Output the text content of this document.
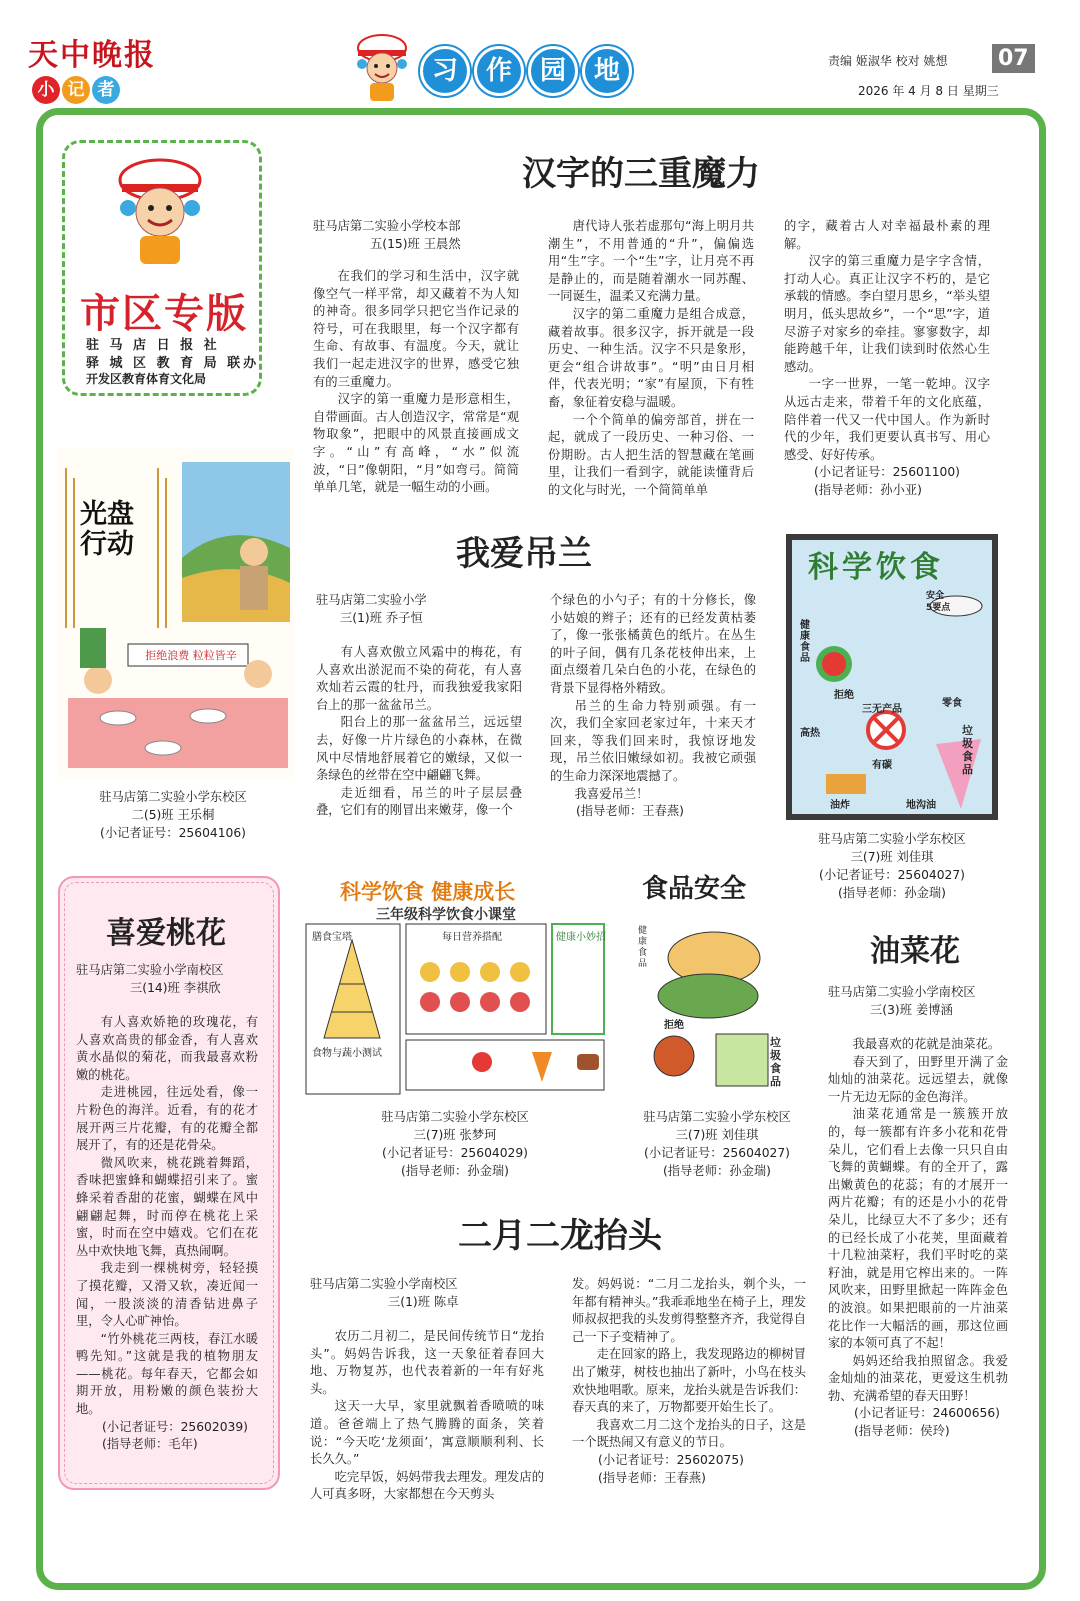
天中晚报
小 记 者
习	作	园	地	责编 姬淑华 校对 姚想
2026 年 4 月 8 日 星期三
07
市区专版
驻 马 店 日 报 社
驿 城 区 教 育 局 联办
开发区教育体育文化局
汉字的三重魔力
驻马店第二实验小学校本部
五(15)班 王晨然

在我们的学习和生活中，汉字就像空气一样平常，却又藏着不为人知的神奇。很多同学只把它当作记录的符号，可在我眼里，每一个汉字都有生命、有故事、有温度。今天，就让我们一起走进汉字的世界，感受它独有的三重魔力。

汉字的第一重魔力是形意相生，自带画面。古人创造汉字，常常是“观物取象”，把眼中的风景直接画成文字。“山”有高峰，“水”似流波，“日”像朝阳，“月”如弯弓。简简单单几笔，就是一幅生动的小画。

唐代诗人张若虚那句“海上明月共潮生”，不用普通的“升”，偏偏选用“生”字。一个“生”字，让月亮不再是静止的，而是随着潮水一同苏醒、一同诞生，温柔又充满力量。

汉字的第二重魔力是组合成意，藏着故事。很多汉字，拆开就是一段历史、一种生活。汉字不只是象形，更会“组合讲故事”。“明”由日月相伴，代表光明；“家”有屋顶，下有牲畜，象征着安稳与温暖。

一个个简单的偏旁部首，拼在一起，就成了一段历史、一种习俗、一份期盼。古人把生活的智慧藏在笔画里，让我们一看到字，就能读懂背后的文化与时光，一个简简单单

的字，藏着古人对幸福最朴素的理解。

汉字的第三重魔力是字字含情，打动人心。真正让汉字不朽的，是它承载的情感。李白望月思乡，“举头望明月，低头思故乡”，一个“思”字，道尽游子对家乡的牵挂。寥寥数字，却能跨越千年，让我们读到时依然心生感动。

一字一世界，一笔一乾坤。汉字从远古走来，带着千年的文化底蕴，陪伴着一代又一代中国人。作为新时代的少年，我们更要认真书写、用心感受、好好传承。

(小记者证号：25601100)
(指导老师：孙小亚)
光盘行动
拒绝浪费 粒粒皆辛
驻马店第二实验小学东校区
二(5)班 王乐桐
(小记者证号：25604106)
我爱吊兰
驻马店第二实验小学
三(1)班 乔子恒

有人喜欢傲立风霜中的梅花，有人喜欢出淤泥而不染的荷花，有人喜欢灿若云霞的牡丹，而我独爱我家阳台上的那一盆盆吊兰。

阳台上的那一盆盆吊兰，远远望去，好像一片片绿色的小森林，在微风中尽情地舒展着它的嫩绿，又似一条绿色的丝带在空中翩翩飞舞。

走近细看，吊兰的叶子层层叠叠，它们有的刚冒出来嫩芽，像一个

个绿色的小勺子；有的十分修长，像小姑娘的辫子；还有的已经发黄枯萎了，像一张张橘黄色的纸片。在丛生的叶子间，偶有几条花枝伸出来，上面点缀着几朵白色的小花，在绿色的背景下显得格外精致。

吊兰的生命力特别顽强。有一次，我们全家回老家过年，十来天才回来，等我们回来时，我惊讶地发现，吊兰依旧嫩绿如初。我被它顽强的生命力深深地震撼了。

我喜爱吊兰！

(指导老师：王春燕)
科学饮食
安全
5要点
健康食品
拒绝
三无产品
零食
高热
有碳
垃圾食品
油炸	地沟油
驻马店第二实验小学东校区
三(7)班 刘佳琪
(小记者证号：25604027)
(指导老师：孙金瑞)
喜爱桃花
驻马店第二实验小学南校区
三(14)班 李祺欣

有人喜欢娇艳的玫瑰花，有人喜欢高贵的郁金香，有人喜欢黄水晶似的菊花，而我最喜欢粉嫩的桃花。

走进桃园，往远处看，像一片粉色的海洋。近看，有的花才展开两三片花瓣，有的花瓣全都展开了，有的还是花骨朵。

微风吹来，桃花跳着舞蹈，香味把蜜蜂和蝴蝶招引来了。蜜蜂采着香甜的花蜜，蝴蝶在风中翩翩起舞，时而停在桃花上采蜜，时而在空中嬉戏。它们在花丛中欢快地飞舞，真热闹啊。

我走到一棵桃树旁，轻轻摸了摸花瓣，又滑又软，凑近闻一闻，一股淡淡的清香钻进鼻子里，令人心旷神怡。

“竹外桃花三两枝，春江水暖鸭先知。”这就是我的植物朋友——桃花。每年春天，它都会如期开放，用粉嫩的颜色装扮大地。

(小记者证号：25602039)
(指导老师：毛年)
科学饮食 健康成长
三年级科学饮食小课堂
膳食宝塔	每日营养搭配	健康小妙招
食物与蔬小测试
驻马店第二实验小学东校区
三(7)班 张梦珂
(小记者证号：25604029)
(指导老师：孙金瑞)
食品安全
健康食品
拒绝
垃圾食品
驻马店第二实验小学东校区
三(7)班 刘佳琪
(小记者证号：25604027)
(指导老师：孙金瑞)
油菜花
驻马店第二实验小学南校区
三(3)班 姜博涵

我最喜欢的花就是油菜花。

春天到了，田野里开满了金灿灿的油菜花。远远望去，就像一片无边无际的金色海洋。

油菜花通常是一簇簇开放的，每一簇都有许多小花和花骨朵儿，它们看上去像一只只自由飞舞的黄蝴蝶。有的全开了，露出嫩黄色的花蕊；有的才展开一两片花瓣；有的还是小小的花骨朵儿，比绿豆大不了多少；还有的已经长成了小花荚，里面藏着十几粒油菜籽，我们平时吃的菜籽油，就是用它榨出来的。一阵风吹来，田野里掀起一阵阵金色的波浪。如果把眼前的一片油菜花比作一大幅活的画，那这位画家的本领可真了不起！

妈妈还给我拍照留念。我爱金灿灿的油菜花，更爱这生机勃勃、充满希望的春天田野！

(小记者证号：24600656)
(指导老师：侯玲)
二月二龙抬头
驻马店第二实验小学南校区
三(1)班 陈卓

农历二月初二，是民间传统节日“龙抬头”。妈妈告诉我，这一天象征着春回大地、万物复苏，也代表着新的一年有好兆头。

这天一大早，家里就飘着香喷喷的味道。爸爸端上了热气腾腾的面条，笑着说：“今天吃‘龙须面’，寓意顺顺利利、长长久久。”

吃完早饭，妈妈带我去理发。理发店的人可真多呀，大家都想在今天剪头

发。妈妈说：“二月二龙抬头，剃个头，一年都有精神头。”我乖乖地坐在椅子上，理发师叔叔把我的头发剪得整整齐齐，我觉得自己一下子变精神了。

走在回家的路上，我发现路边的柳树冒出了嫩芽，树枝也抽出了新叶，小鸟在枝头欢快地唱歌。原来，龙抬头就是告诉我们：春天真的来了，万物都要开始生长了。

我喜欢二月二这个龙抬头的日子，这是一个既热闹又有意义的节日。

(小记者证号：25602075)
(指导老师：王春燕)
